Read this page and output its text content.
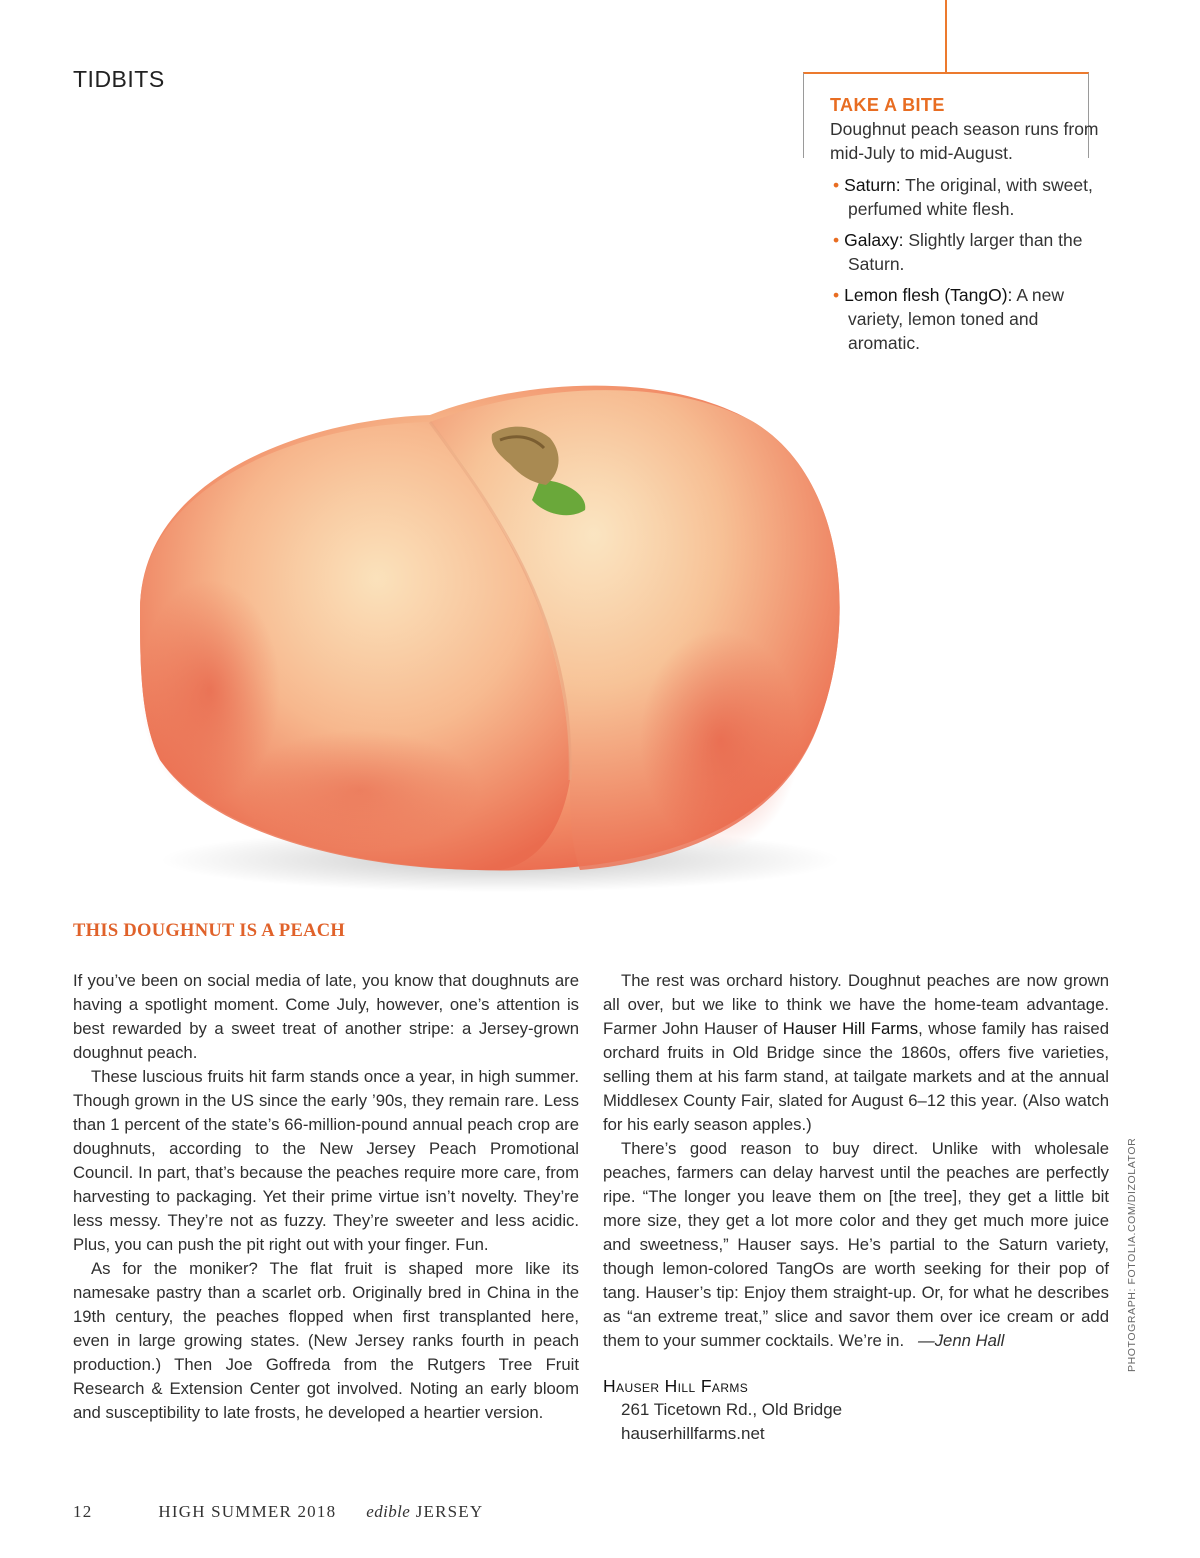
TIDBITS
TAKE A BITE

Doughnut peach season runs from mid-July to mid-August.

• Saturn: The original, with sweet, perfumed white flesh.
• Galaxy: Slightly larger than the Saturn.
• Lemon flesh (TangO): A new variety, lemon toned and aromatic.
PHOTOGRAPH: FOTOLIA.COM/DIZOLATOR
THIS DOUGHNUT IS A PEACH

If you’ve been on social media of late, you know that doughnuts are having a spotlight moment. Come July, however, one’s attention is best rewarded by a sweet treat of another stripe: a Jersey-grown doughnut peach.

These luscious fruits hit farm stands once a year, in high summer. Though grown in the US since the early ’90s, they remain rare. Less than 1 percent of the state’s 66-million-pound annual peach crop are doughnuts, according to the New Jersey Peach Promotional Council. In part, that’s because the peaches require more care, from harvesting to packaging. Yet their prime virtue isn’t novelty. They’re less messy. They’re not as fuzzy. They’re sweeter and less acidic. Plus, you can push the pit right out with your finger. Fun.

As for the moniker? The flat fruit is shaped more like its namesake pastry than a scarlet orb. Originally bred in China in the 19th century, the peaches flopped when first transplanted here, even in large growing states. (New Jersey ranks fourth in peach production.) Then Joe Goffreda from the Rutgers Tree Fruit Research & Extension Center got involved. Noting an early bloom and susceptibility to late frosts, he developed a heartier version.

The rest was orchard history. Doughnut peaches are now grown all over, but we like to think we have the home-team advantage. Farmer John Hauser of Hauser Hill Farms, whose family has raised orchard fruits in Old Bridge since the 1860s, offers five varieties, selling them at his farm stand, at tailgate markets and at the annual Middlesex County Fair, slated for August 6–12 this year. (Also watch for his early season apples.)

There’s good reason to buy direct. Unlike with wholesale peaches, farmers can delay harvest until the peaches are perfectly ripe. “The longer you leave them on [the tree], they get a little bit more size, they get a lot more color and they get much more juice and sweetness,” Hauser says. He’s partial to the Saturn variety, though lemon-colored TangOs are worth seeking for their pop of tang. Hauser’s tip: Enjoy them straight-up. Or, for what he describes as “an extreme treat,” slice and savor them over ice cream or add them to your summer cocktails. We’re in. —Jenn Hall

Hauser Hill Farms
261 Ticetown Rd., Old Bridge
hauserhillfarms.net
12	HIGH SUMMER 2018 edible JERSEY
